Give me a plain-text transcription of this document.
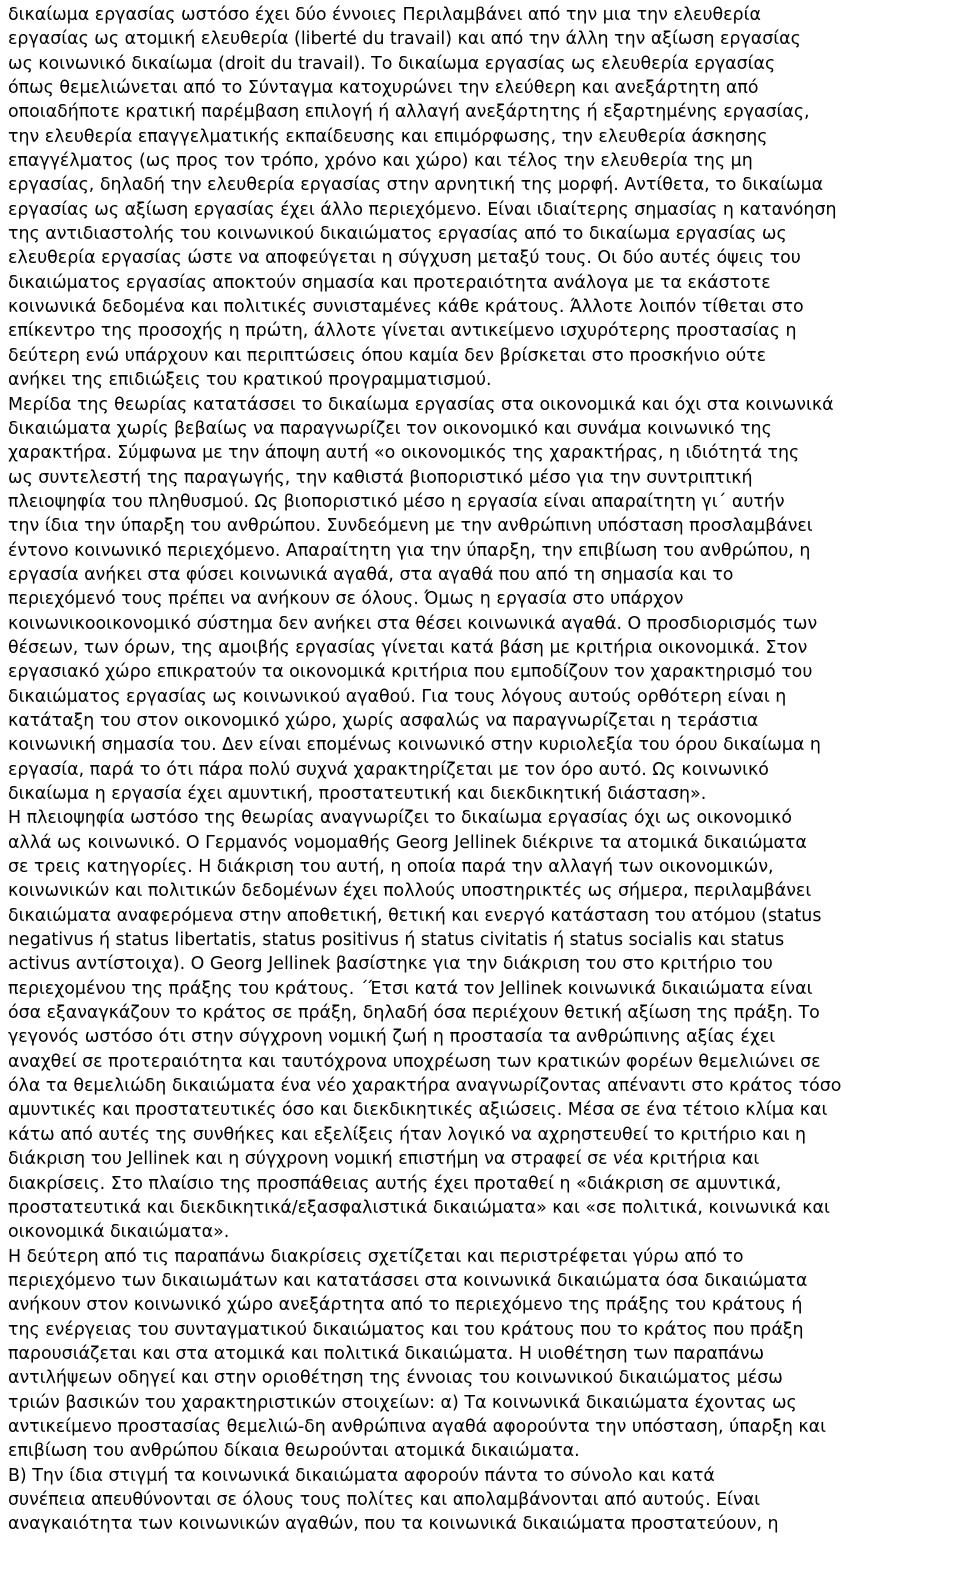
δικαίωμα εργασίας ωστόσο έχει δύο έννοιες Περιλαμβάνει από την μια την ελευθερία
εργασίας ως ατομική ελευθερία (liberté du travail) και από την άλλη την αξίωση εργασίας
ως κοινωνικό δικαίωμα (droit du travail). Το δικαίωμα εργασίας ως ελευθερία εργασίας
όπως θεμελιώνεται από το Σύνταγμα κατοχυρώνει την ελεύθερη και ανεξάρτητη από
οποιαδήποτε κρατική παρέμβαση επιλογή ή αλλαγή ανεξάρτητης ή εξαρτημένης εργασίας,
την ελευθερία επαγγελματικής εκπαίδευσης και επιμόρφωσης, την ελευθερία άσκησης
επαγγέλματος (ως προς τον τρόπο, χρόνο και χώρο) και τέλος την ελευθερία της μη
εργασίας, δηλαδή την ελευθερία εργασίας στην αρνητική της μορφή. Αντίθετα, το δικαίωμα
εργασίας ως αξίωση εργασίας έχει άλλο περιεχόμενο. Είναι ιδιαίτερης σημασίας η κατανόηση
της αντιδιαστολής του κοινωνικού δικαιώματος εργασίας από το δικαίωμα εργασίας ως
ελευθερία εργασίας ώστε να αποφεύγεται η σύγχυση μεταξύ τους. Οι δύο αυτές όψεις του
δικαιώματος εργασίας αποκτούν σημασία και προτεραιότητα ανάλογα με τα εκάστοτε
κοινωνικά δεδομένα και πολιτικές συνισταμένες κάθε κράτους. Άλλοτε λοιπόν τίθεται στο
επίκεντρο της προσοχής η πρώτη, άλλοτε γίνεται αντικείμενο ισχυρότερης προστασίας η
δεύτερη ενώ υπάρχουν και περιπτώσεις όπου καμία δεν βρίσκεται στο προσκήνιο ούτε
ανήκει της επιδιώξεις του κρατικού προγραμματισμού.
Μερίδα της θεωρίας κατατάσσει το δικαίωμα εργασίας στα οικονομικά και όχι στα κοινωνικά
δικαιώματα χωρίς βεβαίως να παραγνωρίζει τον οικονομικό και συνάμα κοινωνικό της
χαρακτήρα. Σύμφωνα με την άποψη αυτή «ο οικονομικός της χαρακτήρας, η ιδιότητά της
ως συντελεστή της παραγωγής, την καθιστά βιοποριστικό μέσο για την συντριπτική
πλειοψηφία του πληθυσμού. Ως βιοποριστικό μέσο η εργασία είναι απαραίτητη γι΄ αυτήν
την ίδια την ύπαρξη του ανθρώπου. Συνδεόμενη με την ανθρώπινη υπόσταση προσλαμβάνει
έντονο κοινωνικό περιεχόμενο. Απαραίτητη για την ύπαρξη, την επιβίωση του ανθρώπου, η
εργασία ανήκει στα φύσει κοινωνικά αγαθά, στα αγαθά που από τη σημασία και το
περιεχόμενό τους πρέπει να ανήκουν σε όλους. Όμως η εργασία στο υπάρχον
κοινωνικοοικονομικό σύστημα δεν ανήκει στα θέσει κοινωνικά αγαθά. Ο προσδιορισμός των
θέσεων, των όρων, της αμοιβής εργασίας γίνεται κατά βάση με κριτήρια οικονομικά. Στον
εργασιακό χώρο επικρατούν τα οικονομικά κριτήρια που εμποδίζουν τον χαρακτηρισμό του
δικαιώματος εργασίας ως κοινωνικού αγαθού. Για τους λόγους αυτούς ορθότερη είναι η
κατάταξη του στον οικονομικό χώρο, χωρίς ασφαλώς να παραγνωρίζεται η τεράστια
κοινωνική σημασία του. Δεν είναι επομένως κοινωνικό στην κυριολεξία του όρου δικαίωμα η
εργασία, παρά το ότι πάρα πολύ συχνά χαρακτηρίζεται με τον όρο αυτό. Ως κοινωνικό
δικαίωμα η εργασία έχει αμυντική, προστατευτική και διεκδικητική διάσταση».
Η πλειοψηφία ωστόσο της θεωρίας αναγνωρίζει το δικαίωμα εργασίας όχι ως οικονομικό
αλλά ως κοινωνικό. Ο Γερμανός νομομαθής Georg Jellinek διέκρινε τα ατομικά δικαιώματα
σε τρεις κατηγορίες. Η διάκριση του αυτή, η οποία παρά την αλλαγή των οικονομικών,
κοινωνικών και πολιτικών δεδομένων έχει πολλούς υποστηρικτές ως σήμερα, περιλαμβάνει
δικαιώματα αναφερόμενα στην αποθετική, θετική και ενεργό κατάσταση του ατόμου (status
negativus ή status libertatis, status positivus ή status civitatis ή status socialis και status
activus αντίστοιχα). Ο Georg Jellinek βασίστηκε για την διάκριση του στο κριτήριο του
περιεχομένου της πράξης του κράτους. ΄Έτσι κατά τον Jellinek κοινωνικά δικαιώματα είναι
όσα εξαναγκάζουν το κράτος σε πράξη, δηλαδή όσα περιέχουν θετική αξίωση της πράξη. Το
γεγονός ωστόσο ότι στην σύγχρονη νομική ζωή η προστασία τα ανθρώπινης αξίας έχει
αναχθεί σε προτεραιότητα και ταυτόχρονα υποχρέωση των κρατικών φορέων θεμελιώνει σε
όλα τα θεμελιώδη δικαιώματα ένα νέο χαρακτήρα αναγνωρίζοντας απέναντι στο κράτος τόσο
αμυντικές και προστατευτικές όσο και διεκδικητικές αξιώσεις. Μέσα σε ένα τέτοιο κλίμα και
κάτω από αυτές της συνθήκες και εξελίξεις ήταν λογικό να αχρηστευθεί το κριτήριο και η
διάκριση του Jellinek και η σύγχρονη νομική επιστήμη να στραφεί σε νέα κριτήρια και
διακρίσεις. Στο πλαίσιο της προσπάθειας αυτής έχει προταθεί η «διάκριση σε αμυντικά,
προστατευτικά και διεκδικητικά/εξασφαλιστικά δικαιώματα» και «σε πολιτικά, κοινωνικά και
οικονομικά δικαιώματα».
Η δεύτερη από τις παραπάνω διακρίσεις σχετίζεται και περιστρέφεται γύρω από το
περιεχόμενο των δικαιωμάτων και κατατάσσει στα κοινωνικά δικαιώματα όσα δικαιώματα
ανήκουν στον κοινωνικό χώρο ανεξάρτητα από το περιεχόμενο της πράξης του κράτους ή
της ενέργειας του συνταγματικού δικαιώματος και του κράτους που το κράτος που πράξη
παρουσιάζεται και στα ατομικά και πολιτικά δικαιώματα. Η υιοθέτηση των παραπάνω
αντιλήψεων οδηγεί και στην οριοθέτηση της έννοιας του κοινωνικού δικαιώματος μέσω
τριών βασικών του χαρακτηριστικών στοιχείων: α) Τα κοινωνικά δικαιώματα έχοντας ως
αντικείμενο προστασίας θεμελιώ-δη ανθρώπινα αγαθά αφορούντα την υπόσταση, ύπαρξη και
επιβίωση του ανθρώπου δίκαια θεωρούνται ατομικά δικαιώματα.
Β) Την ίδια στιγμή τα κοινωνικά δικαιώματα αφορούν πάντα το σύνολο και κατά
συνέπεια απευθύνονται σε όλους τους πολίτες και απολαμβάνονται από αυτούς. Είναι
αναγκαιότητα των κοινωνικών αγαθών, που τα κοινωνικά δικαιώματα προστατεύουν, η
